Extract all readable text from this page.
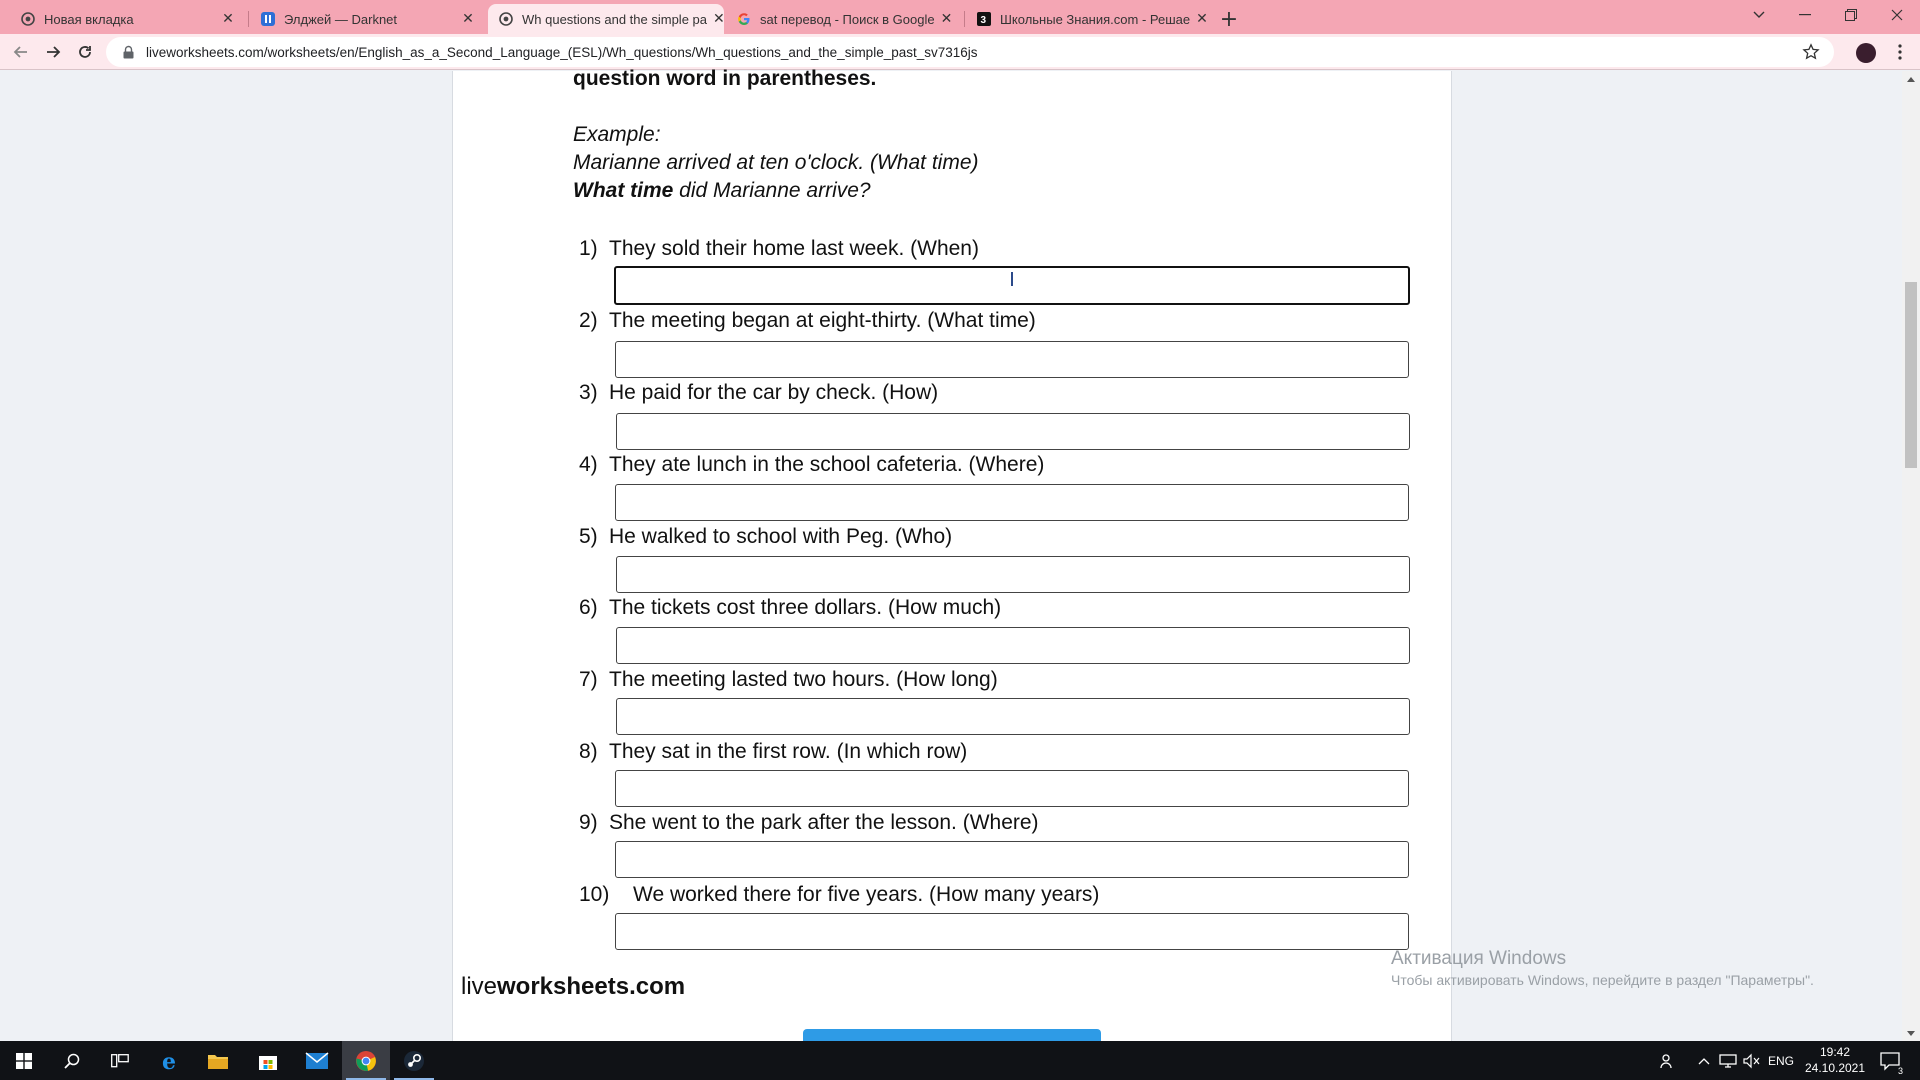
Новая вкладка	✕	Элджей — Darknet	✕	Wh questions and the simple pa ✕	sat перевод - Поиск в Google ✕	3 Школьные Знания.com - Решае ✕ +
liveworksheets.com/worksheets/en/English_as_a_Second_Language_(ESL)/Wh_questions/Wh_questions_and_the_simple_past_sv7316js
question word in parentheses.
Example:
Marianne arrived at ten o'clock. (What time)
What time did Marianne arrive?
1) They sold their home last week. (When)
2) The meeting began at eight-thirty. (What time)
3) He paid for the car by check. (How)
4) They ate lunch in the school cafeteria. (Where)
5) He walked to school with Peg. (Who)
6) The tickets cost three dollars. (How much)
7) The meeting lasted two hours. (How long)
8) They sat in the first row. (In which row)
9) She went to the park after the lesson. (Where)
10) We worked there for five years. (How many years)
liveworksheets.com
Активация Windows
Чтобы активировать Windows, перейдите в раздел "Параметры".
e	ENG
19:42
24.10.2021	3
